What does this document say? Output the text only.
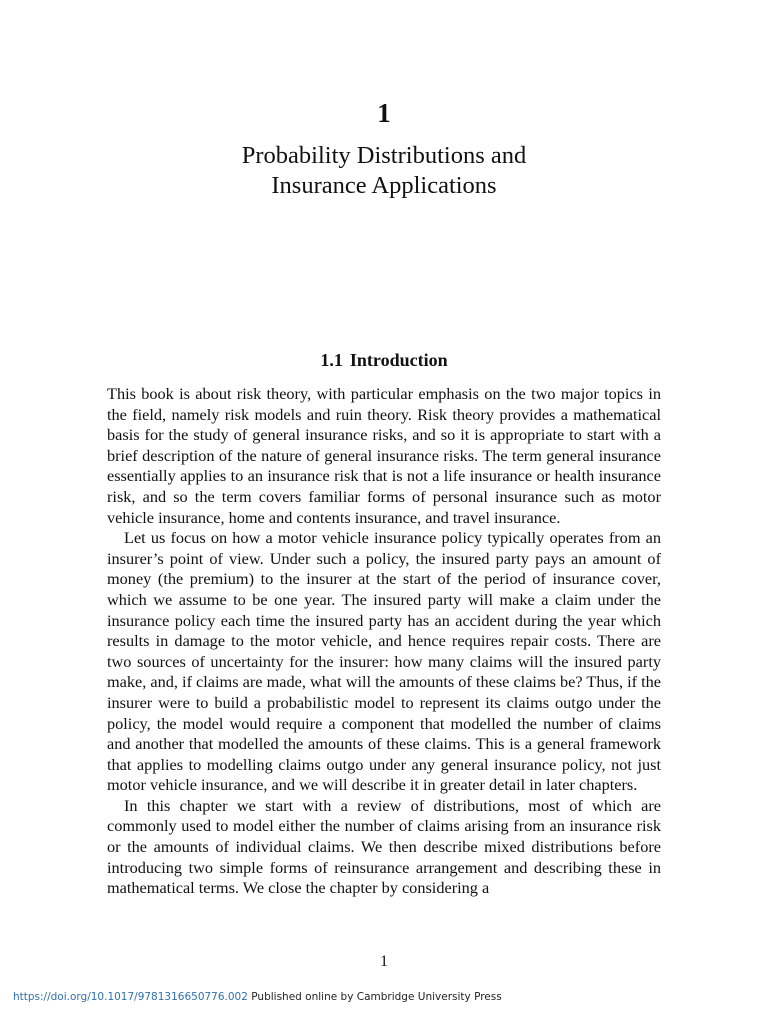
1
Probability Distributions and
Insurance Applications
1.1 Introduction

This book is about risk theory, with particular emphasis on the two major topics in the field, namely risk models and ruin theory. Risk theory provides a mathematical basis for the study of general insurance risks, and so it is appropriate to start with a brief description of the nature of general insurance risks. The term general insurance essentially applies to an insurance risk that is not a life insurance or health insurance risk, and so the term covers familiar forms of personal insurance such as motor vehicle insurance, home and contents insurance, and travel insurance.

Let us focus on how a motor vehicle insurance policy typically operates from an insurer’s point of view. Under such a policy, the insured party pays an amount of money (the premium) to the insurer at the start of the period of insurance cover, which we assume to be one year. The insured party will make a claim under the insurance policy each time the insured party has an accident during the year which results in damage to the motor vehicle, and hence requires repair costs. There are two sources of uncertainty for the insurer: how many claims will the insured party make, and, if claims are made, what will the amounts of these claims be? Thus, if the insurer were to build a probabilistic model to represent its claims outgo under the policy, the model would require a component that modelled the number of claims and another that modelled the amounts of these claims. This is a general framework that applies to modelling claims outgo under any general insurance policy, not just motor vehicle insurance, and we will describe it in greater detail in later chapters.

In this chapter we start with a review of distributions, most of which are commonly used to model either the number of claims arising from an insurance risk or the amounts of individual claims. We then describe mixed distributions before introducing two simple forms of reinsurance arrangement and describing these in mathematical terms. We close the chapter by considering a

1
https://doi.org/10.1017/9781316650776.002 Published online by Cambridge University Press
